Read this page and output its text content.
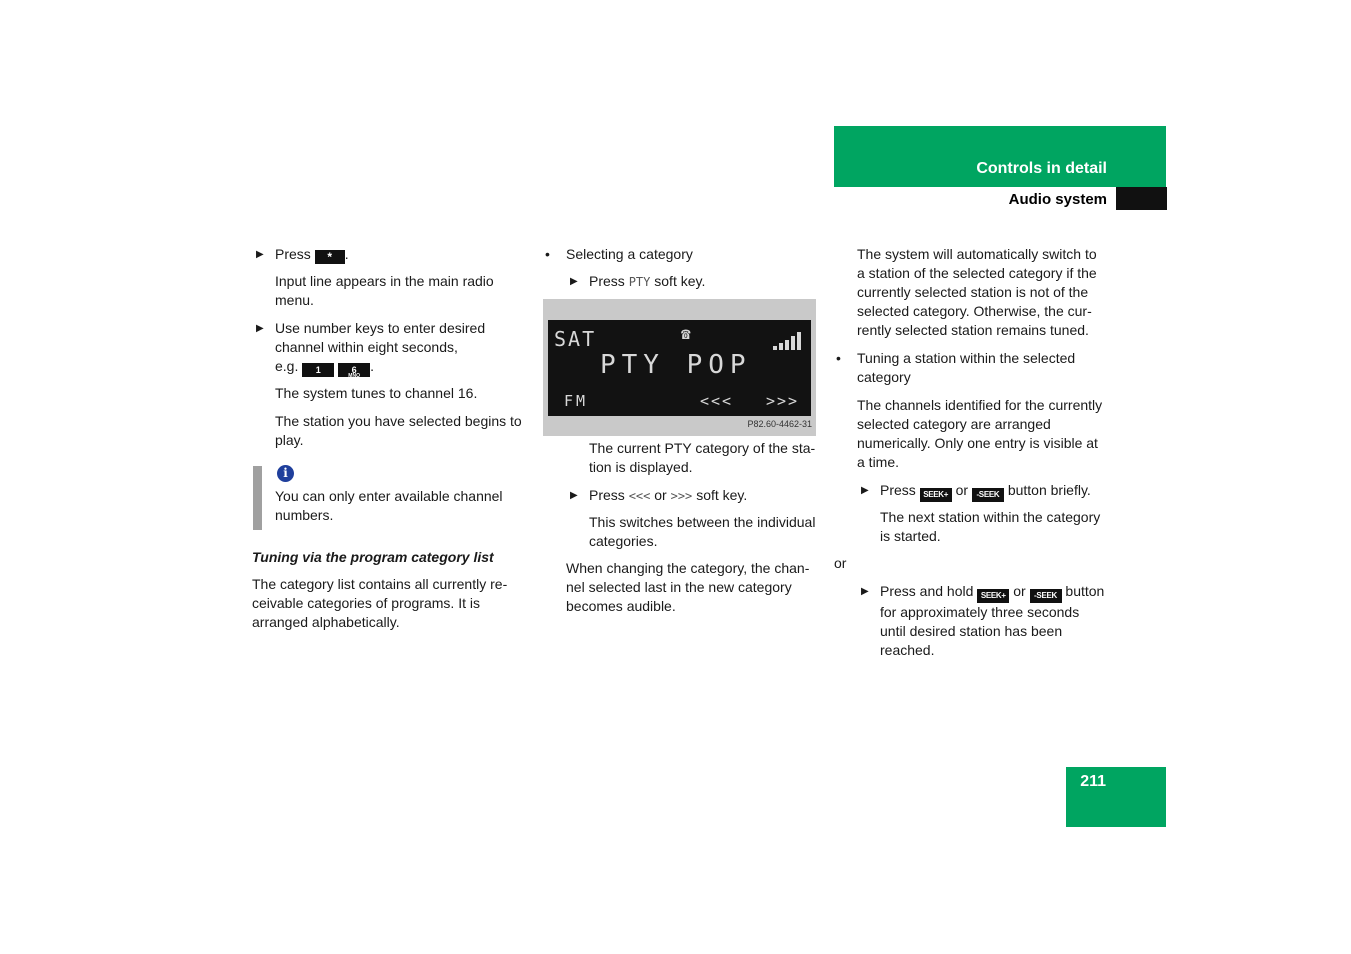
Controls in detail
Audio system
▶ Press * .

Input line appears in the main radio menu.

▶ Use number keys to enter desired
channel within eight seconds,
e.g. 1	6
MNO
.

The system tunes to channel 16.

The station you have selected begins to play.

i

You can only enter available channel numbers.

Tuning via the program category list

The category list contains all currently receivable categories of programs. It is arranged alphabetically.

• Selecting a category
▶ Press PTY soft key.
SAT	☎
PTY POP
FM	<<< >>>
P82.60-4462-31

The current PTY category of the station is displayed.

▶ Press <<< or >>> soft key.

This switches between the individual categories.

When changing the category, the channel selected last in the new category becomes audible.

The system will automatically switch to a station of the selected category if the currently selected station is not of the selected category. Otherwise, the currently selected station remains tuned.

• Tuning a station within the selected category

The channels identified for the currently selected category are arranged numerically. Only one entry is visible at a time.

▶ Press SEEK+ or -SEEK button briefly.

The next station within the category is started.

or

▶ Press and hold SEEK+ or -SEEK button for approximately three seconds until desired station has been reached.
211
